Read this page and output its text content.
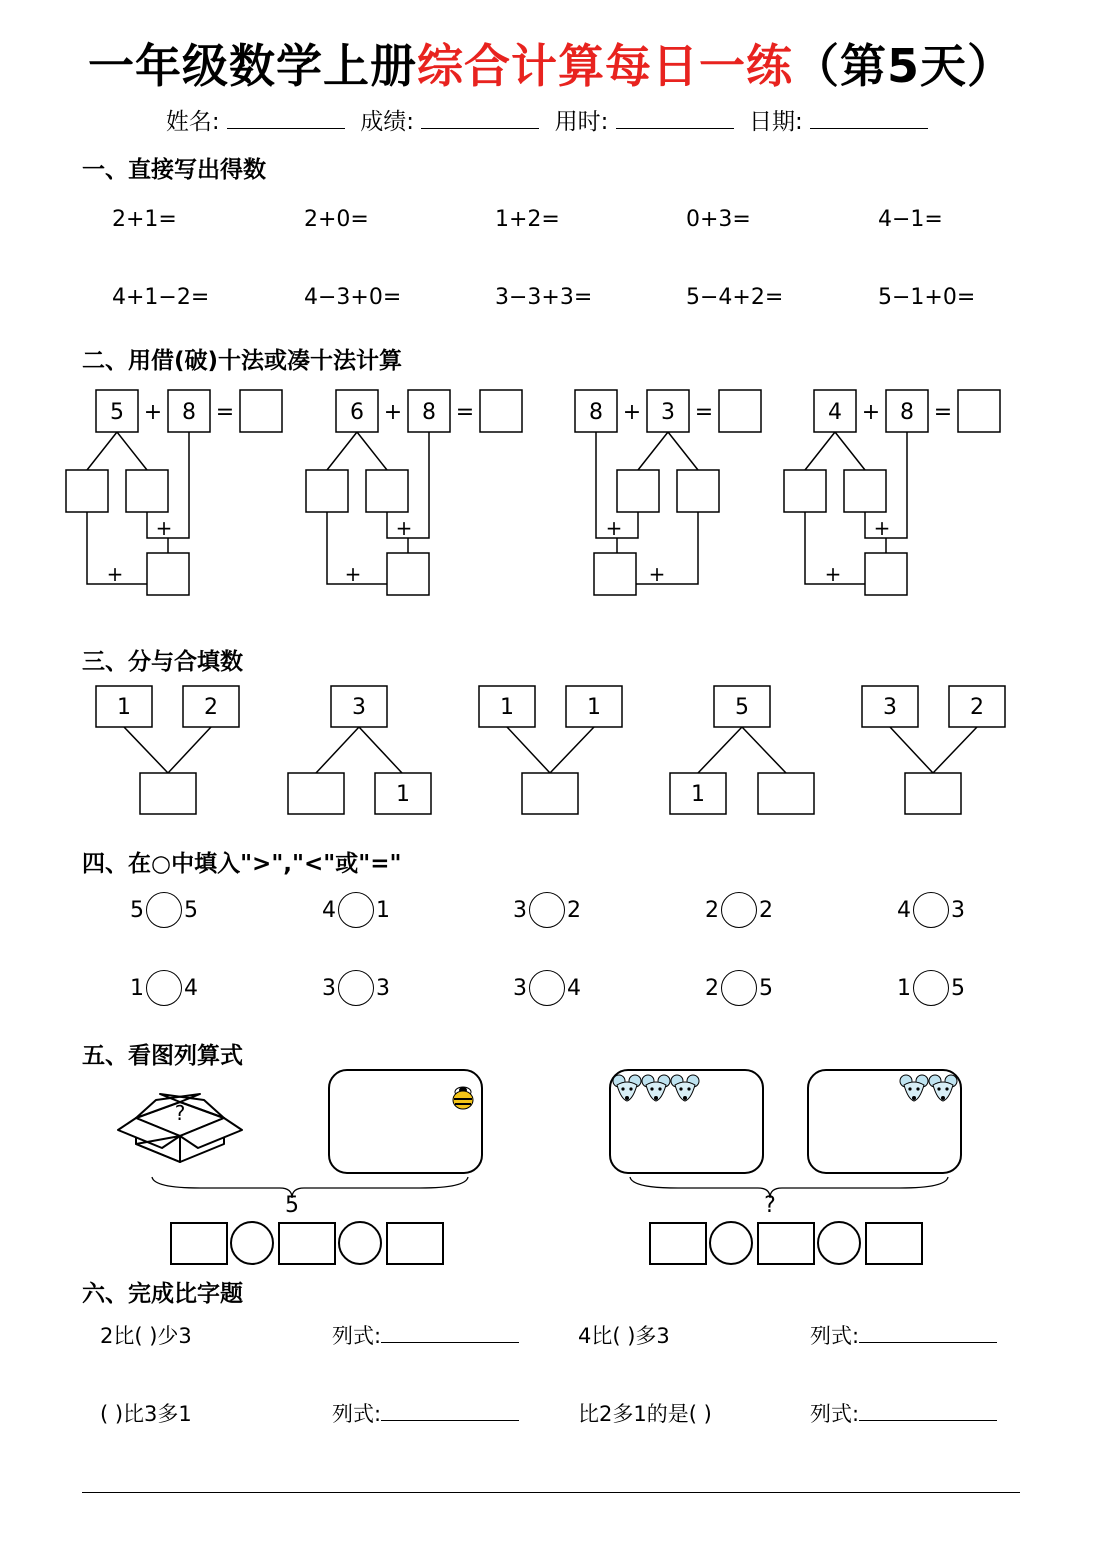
一年级数学上册综合计算每日一练（第5天）
姓名:	成绩:	用时:	日期:
一、直接写出得数
2+1=	2+0=	1+2=	0+3=	4−1=
4+1−2=	4−3+0=	3−3+3=	5−4+2=	5−1+0=
二、用借(破)十法或凑十法计算
5 + 8 =
+
+
6 + 8 =
+
+
8 + 3 =
+
+
4 + 8 =
+
+
三、分与合填数
1	2	3
1
1	1	5
1
3	2
四、在○中填入">","<"或"="
5 5	4 1	3 2	2 2	4 3
1 4	3 3	3 4	2 5	1 5
五、看图列算式
?
5	?
六、完成比字题
2比( )少3	列式:	4比( )多3	列式:
( )比3多1	列式:	比2多1的是( )	列式:
